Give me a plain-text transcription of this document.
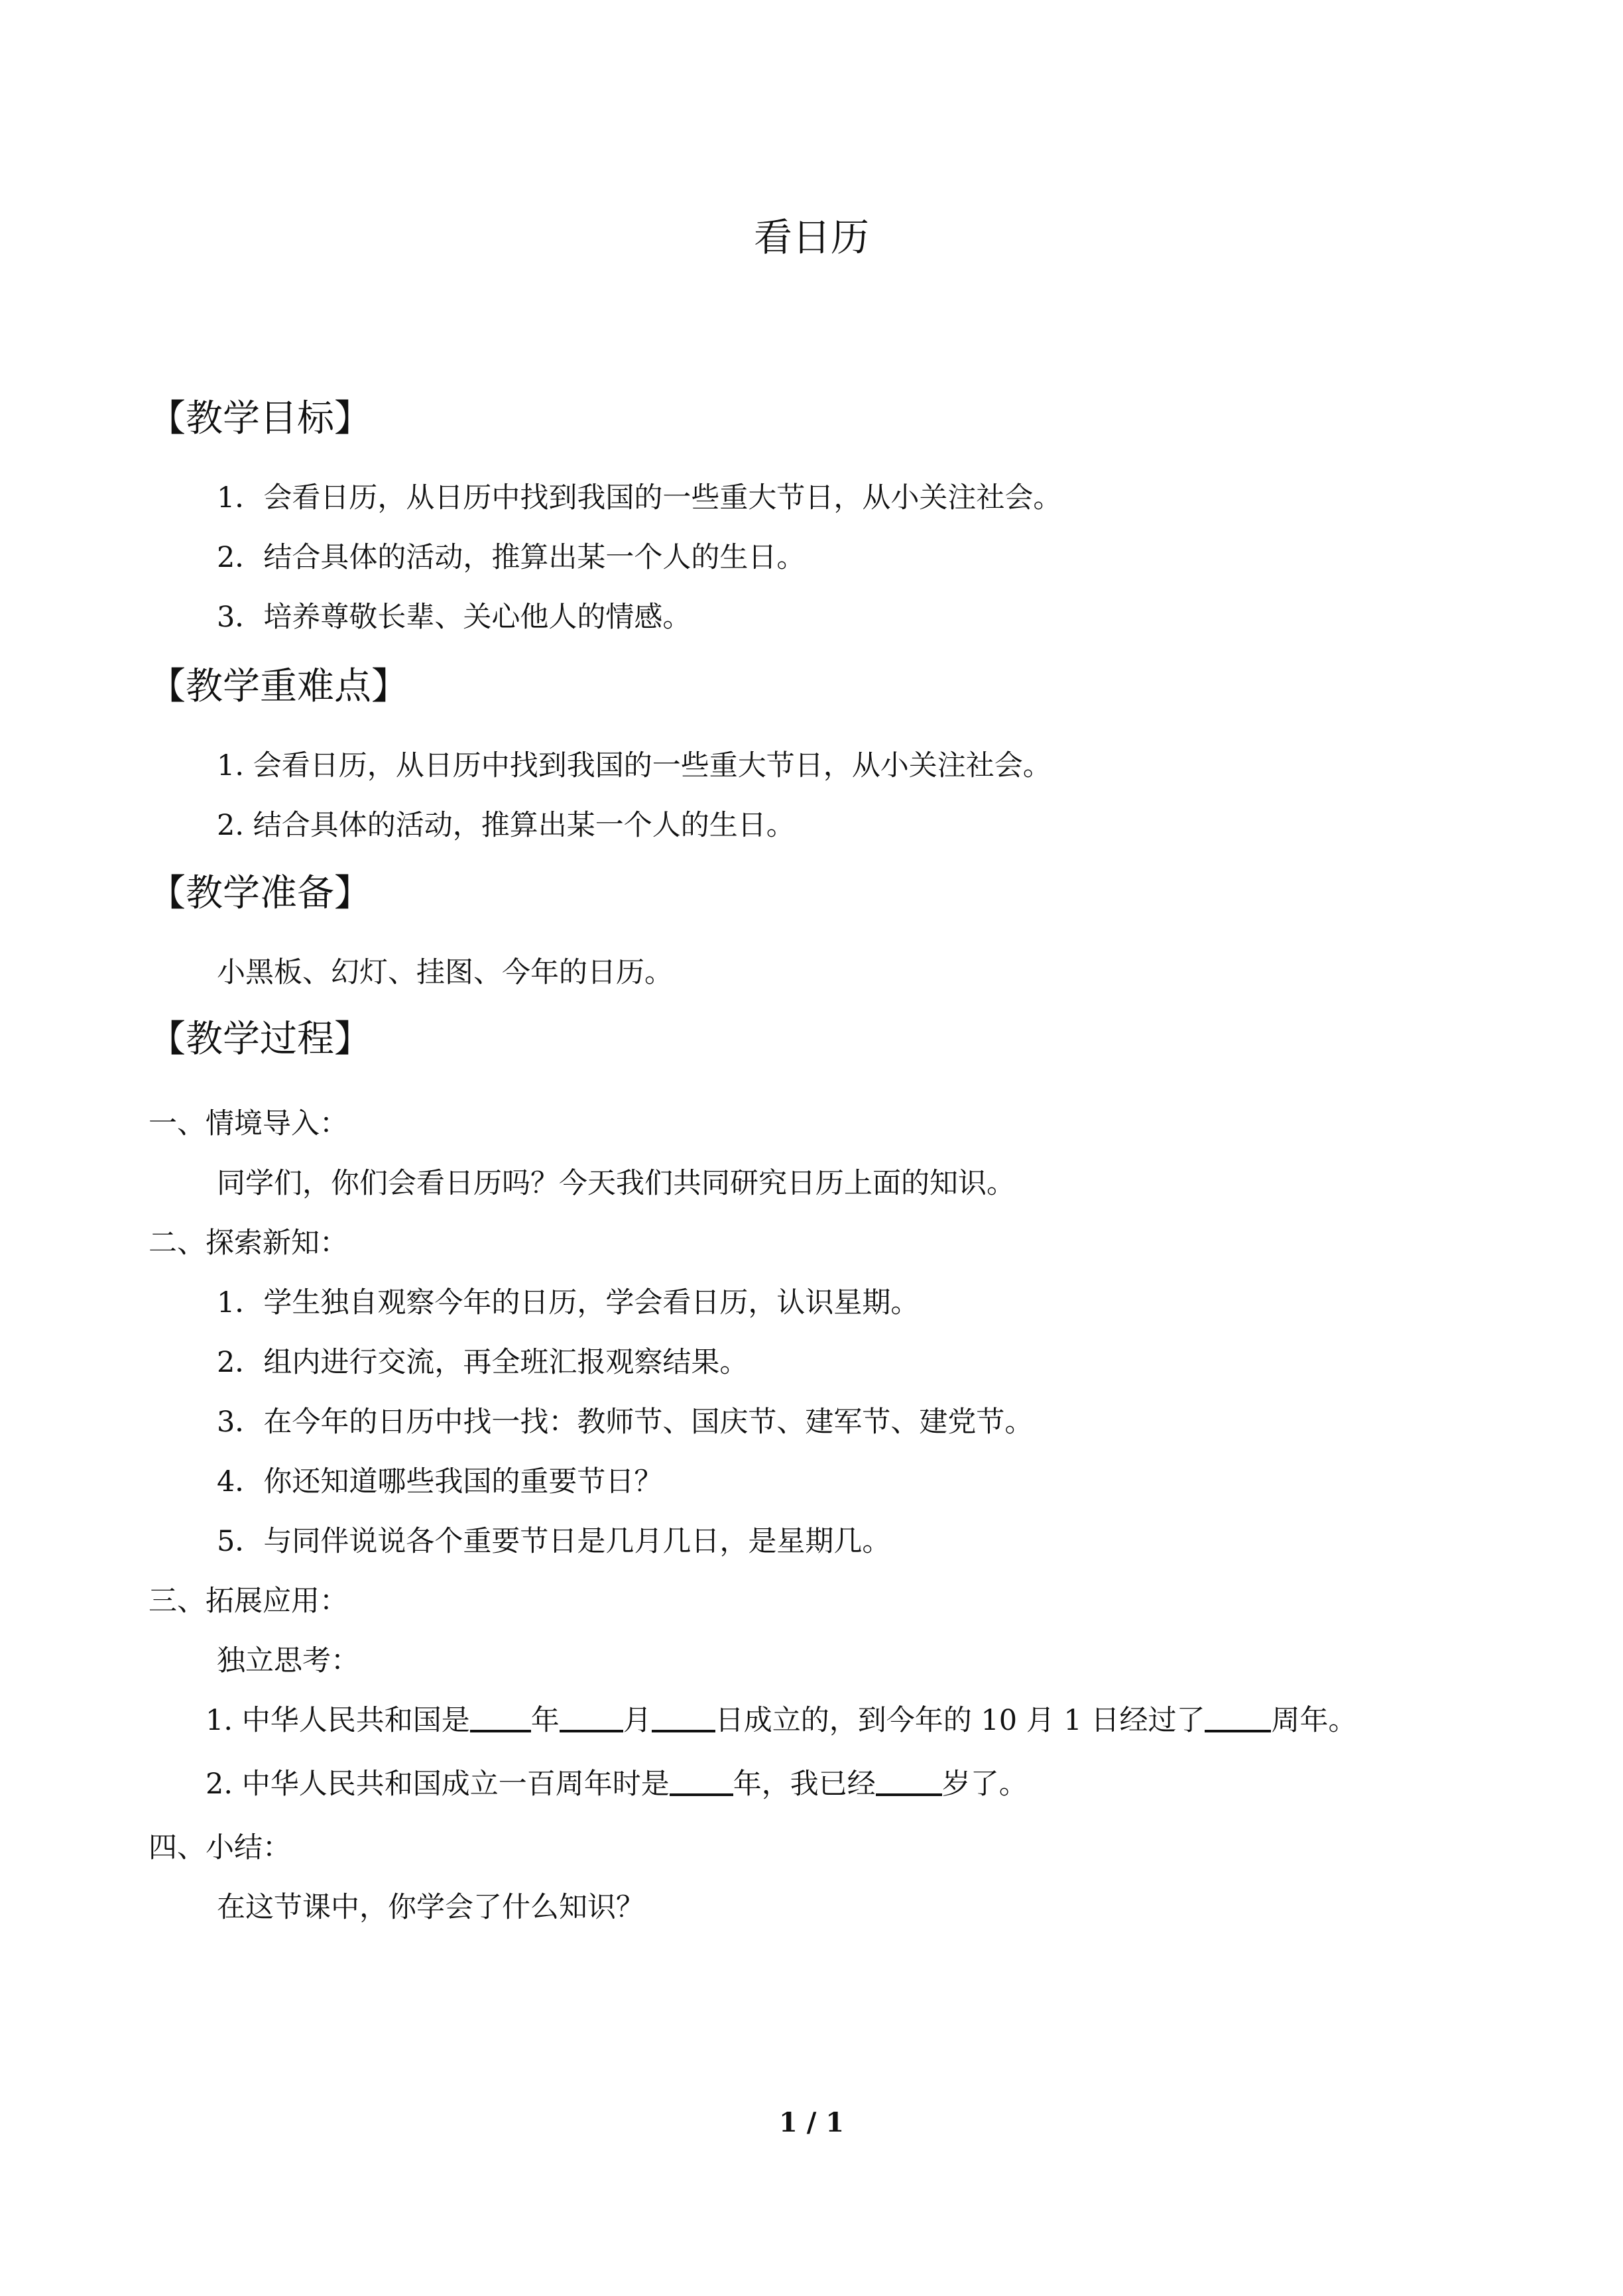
看日历
【教学目标】
1．会看日历，从日历中找到我国的一些重大节日，从小关注社会。
2．结合具体的活动，推算出某一个人的生日。
3．培养尊敬长辈、关心他人的情感。
【教学重难点】
1. 会看日历，从日历中找到我国的一些重大节日，从小关注社会。
2. 结合具体的活动，推算出某一个人的生日。
【教学准备】
小黑板、幻灯、挂图、今年的日历。
【教学过程】
一、情境导入：
同学们，你们会看日历吗？今天我们共同研究日历上面的知识。
二、探索新知：
1．学生独自观察今年的日历，学会看日历，认识星期。
2．组内进行交流，再全班汇报观察结果。
3．在今年的日历中找一找：教师节、国庆节、建军节、建党节。
4．你还知道哪些我国的重要节日？
5．与同伴说说各个重要节日是几月几日，是星期几。
三、拓展应用：
独立思考：
1. 中华人民共和国是 年 月 日成立的，到今年的 10 月 1 日经过了 周年。
2. 中华人民共和国成立一百周年时是 年，我已经 岁了。
四、小结：
在这节课中，你学会了什么知识？
1 / 1
